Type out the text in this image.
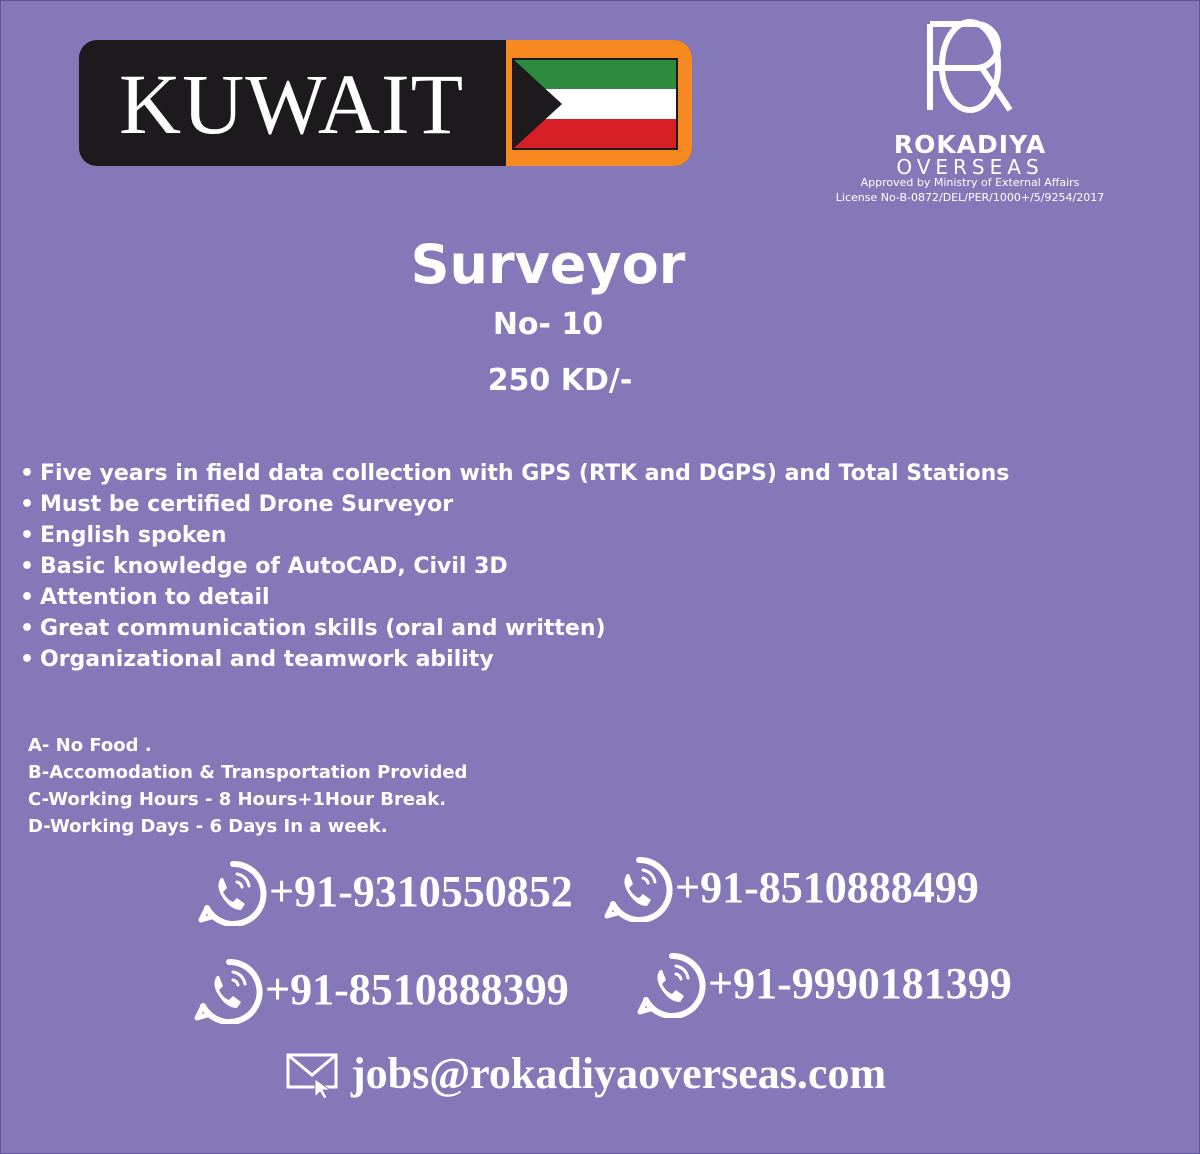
KUWAIT	ROKADIYA
OVERSEAS
Approved by Ministry of External Affairs
License No-B-0872/DEL/PER/1000+/5/9254/2017
Surveyor
No- 10
250 KD/-
• Five years in field data collection with GPS (RTK and DGPS) and Total Stations
• Must be certified Drone Surveyor
• English spoken
• Basic knowledge of AutoCAD, Civil 3D
• Attention to detail
• Great communication skills (oral and written)
• Organizational and teamwork ability
A- No Food .
B-Accomodation & Transportation Provided
C-Working Hours - 8 Hours+1Hour Break.
D-Working Days - 6 Days In a week.
+91-9310550852 +91-8510888499
+91-8510888399	+91-9990181399
jobs@rokadiyaoverseas.com
